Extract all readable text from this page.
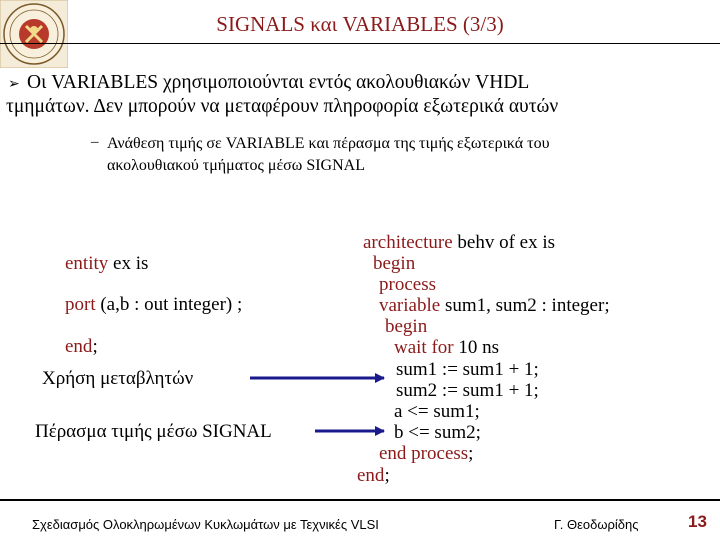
SIGNALS και VARIABLES (3/3)
➢ Οι VARIABLES χρησιμοποιούνται εντός ακολουθιακών VHDL
τμημάτων. Δεν μπορούν να μεταφέρουν πληροφορία εξωτερικά αυτών
– Ανάθεση τιμής σε VARIABLE και πέρασμα της τιμής εξωτερικά του
ακολουθιακού τμήματος μέσω SIGNAL

entity ex is

port (a,b : out integer) ;

end;

architecture behv of ex is

begin

process

variable sum1, sum2 : integer;

begin

wait for 10 ns

sum1 := sum1 + 1;

sum2 := sum1 + 1;

a <= sum1;

b <= sum2;

end process;

end;

Χρήση μεταβλητών
Πέρασμα τιμής μέσω SIGNAL
Σχεδιασμός Ολοκληρωμένων Κυκλωμάτων με Τεχνικές VLSI	Γ. Θεοδωρίδης	13
